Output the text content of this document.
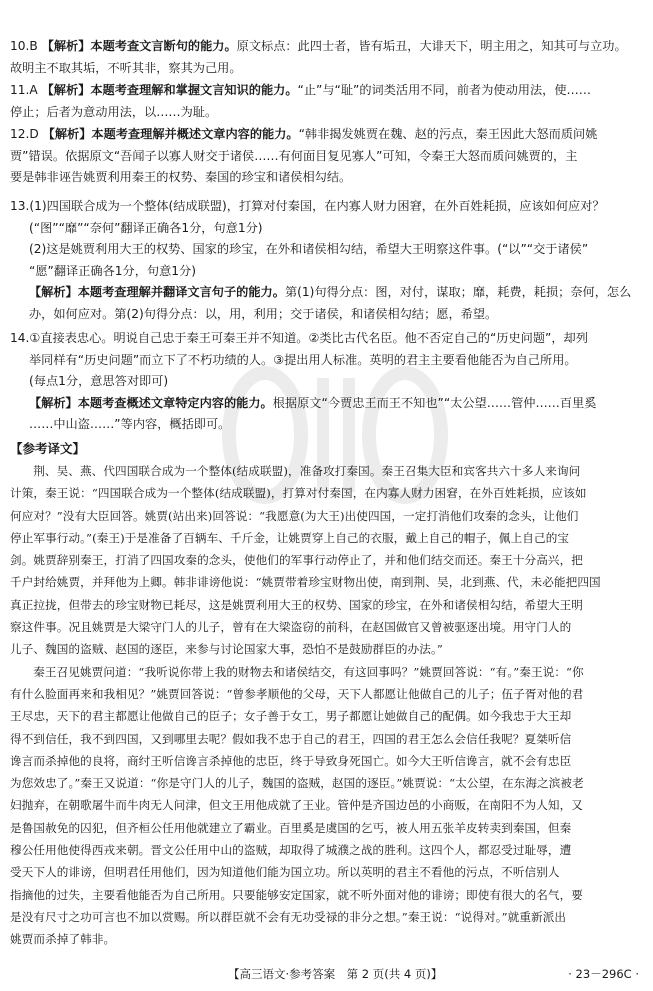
10.B 【解析】本题考查文言断句的能力。原文标点：此四士者，皆有垢丑，大诽天下，明主用之，知其可与立功。

故明主不取其垢，不听其非，察其为己用。

11.A 【解析】本题考查理解和掌握文言知识的能力。“止”与“耻”的词类活用不同，前者为使动用法，使……

停止；后者为意动用法，以……为耻。

12.D 【解析】本题考查理解并概述文章内容的能力。“韩非揭发姚贾在魏、赵的污点，秦王因此大怒而质问姚

贾”错误。依据原文“吾闻子以寡人财交于诸侯……有何面目复见寡人”可知，令秦王大怒而质问姚贾的，主

要是韩非诬告姚贾利用秦王的权势、秦国的珍宝和诸侯相勾结。

13.(1)四国联合成为一个整体(结成联盟)，打算对付秦国，在内寡人财力困窘，在外百姓耗损，应该如何应对？

(“图”“靡”“奈何”翻译正确各1分，句意1分)

(2)这是姚贾利用大王的权势、国家的珍宝，在外和诸侯相勾结，希望大王明察这件事。(“以”“交于诸侯”

“愿”翻译正确各1分，句意1分)

【解析】本题考查理解并翻译文言句子的能力。第(1)句得分点：图，对付，谋取；靡，耗费，耗损；奈何，怎么

办，如何应对。第(2)句得分点：以，用，利用；交于诸侯，和诸侯相勾结；愿，希望。

14.①直接表忠心。明说自己忠于秦王可秦王并不知道。②类比古代名臣。他不否定自己的“历史问题”，却列

举同样有“历史问题”而立下了不朽功绩的人。③提出用人标准。英明的君主主要看他能否为自己所用。

(每点1分，意思答对即可)

【解析】本题考查概述文章特定内容的能力。根据原文“今贾忠王而王不知也”“太公望……管仲……百里奚

……中山盗……”等内容，概括即可。

【参考译文】

荆、吴、燕、代四国联合成为一个整体(结成联盟)，准备攻打秦国。秦王召集大臣和宾客共六十多人来询问

计策，秦王说：“四国联合成为一个整体(结成联盟)，打算对付秦国，在内寡人财力困窘，在外百姓耗损，应该如
何应对？”没有大臣回答。姚贾(站出来)回答说：“我愿意(为大王)出使四国，一定打消他们攻秦的念头，让他们
停止军事行动。”(秦王)于是准备了百辆车、千斤金，让姚贾穿上自己的衣服，戴上自己的帽子，佩上自己的宝
剑。姚贾辞别秦王，打消了四国攻秦的念头，使他们的军事行动停止了，并和他们结交而还。秦王十分高兴，把
千户封给姚贾，并拜他为上卿。韩非诽谤他说：“姚贾带着珍宝财物出使，南到荆、吴，北到燕、代，未必能把四国
真正拉拢，但带去的珍宝财物已耗尽，这是姚贾利用大王的权势、国家的珍宝，在外和诸侯相勾结，希望大王明
察这件事。况且姚贾是大梁守门人的儿子，曾有在大梁盗窃的前科，在赵国做官又曾被驱逐出境。用守门人的
儿子、魏国的盗贼、赵国的逐臣，来参与讨论国家大事，恐怕不是鼓励群臣的办法。”

秦王召见姚贾问道：“我听说你带上我的财物去和诸侯结交，有这回事吗？”姚贾回答说：“有。”秦王说：“你

有什么脸面再来和我相见？”姚贾回答说：“曾参孝顺他的父母，天下人都愿让他做自己的儿子；伍子胥对他的君
王尽忠，天下的君主都愿让他做自己的臣子；女子善于女工，男子都愿让她做自己的配偶。如今我忠于大王却
得不到信任，我不到四国，又到哪里去呢？假如我不忠于自己的君王，四国的君王怎么会信任我呢？夏桀听信
谗言而杀掉他的良将，商纣王听信谗言杀掉他的忠臣，终于导致身死国亡。如今大王听信谗言，就不会有忠臣
为您效忠了。”秦王又说道：“你是守门人的儿子，魏国的盗贼，赵国的逐臣。”姚贾说：“太公望，在东海之滨被老
妇抛弃，在朝歌屠牛而牛肉无人问津，但文王用他成就了王业。管仲是齐国边邑的小商贩，在南阳不为人知，又
是鲁国赦免的囚犯，但齐桓公任用他就建立了霸业。百里奚是虞国的乞丐，被人用五张羊皮转卖到秦国，但秦
穆公任用他使得西戎来朝。晋文公任用中山的盗贼，却取得了城濮之战的胜利。这四个人，都忍受过耻辱，遭
受天下人的诽谤，但明君任用他们，因为知道他们能为国立功。所以英明的君主不看他的污点，不听信别人
指摘他的过失，主要看他能否为自己所用。只要能够安定国家，就不听外面对他的诽谤；即使有很大的名气，要
是没有尺寸之功可言也不加以赏赐。所以群臣就不会有无功受禄的非分之想。”秦王说：“说得对。”就重新派出
姚贾而杀掉了韩非。
【高三语文·参考答案　第 2 页(共 4 页)】	· 23－296C ·
